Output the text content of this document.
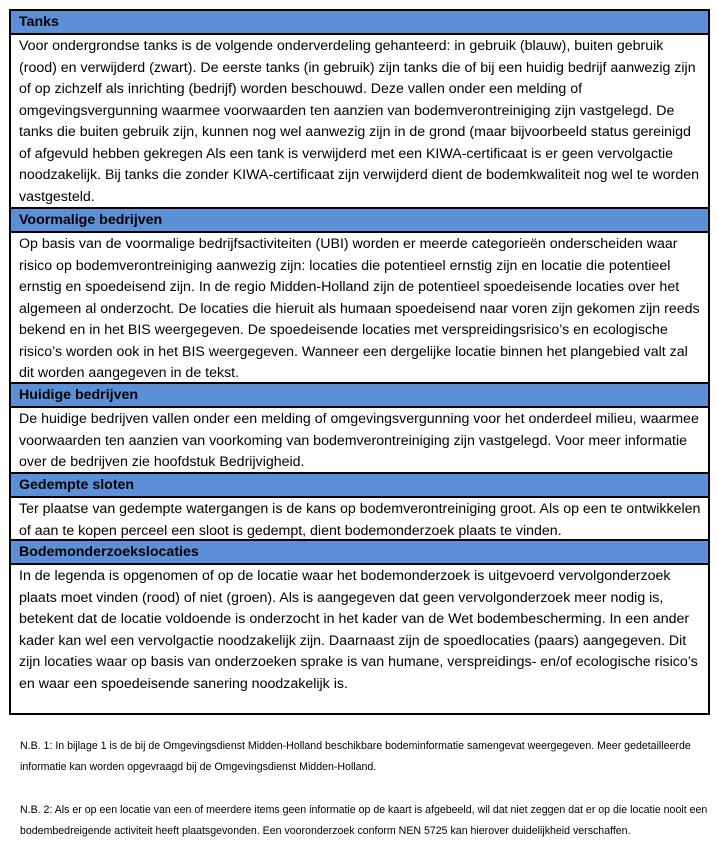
Tanks
Voor ondergrondse tanks is de volgende onderverdeling gehanteerd: in gebruik (blauw), buiten gebruik (rood) en verwijderd (zwart). De eerste tanks (in gebruik) zijn tanks die of bij een huidig bedrijf aanwezig zijn of op zichzelf als inrichting (bedrijf) worden beschouwd. Deze vallen onder een melding of omgevingsvergunning waarmee voorwaarden ten aanzien van bodemverontreiniging zijn vastgelegd. De tanks die buiten gebruik zijn, kunnen nog wel aanwezig zijn in de grond (maar bijvoorbeeld status gereinigd of afgevuld hebben gekregen Als een tank is verwijderd met een KIWA-certificaat is er geen vervolgactie noodzakelijk. Bij tanks die zonder KIWA-certificaat zijn verwijderd dient de bodemkwaliteit nog wel te worden vastgesteld.
Voormalige bedrijven
Op basis van de voormalige bedrijfsactiviteiten (UBI) worden er meerde categorieën onderscheiden waar risico op bodemverontreiniging aanwezig zijn: locaties die potentieel ernstig zijn en locatie die potentieel ernstig en spoedeisend zijn. In de regio Midden-Holland zijn de potentieel spoedeisende locaties over het algemeen al onderzocht. De locaties die hieruit als humaan spoedeisend naar voren zijn gekomen zijn reeds bekend en in het BIS weergegeven. De spoedeisende locaties met verspreidingsrisico’s en ecologische risico’s worden ook in het BIS weergegeven. Wanneer een dergelijke locatie binnen het plangebied valt zal dit worden aangegeven in de tekst.
Huidige bedrijven
De huidige bedrijven vallen onder een melding of omgevingsvergunning voor het onderdeel milieu, waarmee voorwaarden ten aanzien van voorkoming van bodemverontreiniging zijn vastgelegd. Voor meer informatie over de bedrijven zie hoofdstuk Bedrijvigheid.
Gedempte sloten
Ter plaatse van gedempte watergangen is de kans op bodemverontreiniging groot. Als op een te ontwikkelen of aan te kopen perceel een sloot is gedempt, dient bodemonderzoek plaats te vinden.
Bodemonderzoekslocaties
In de legenda is opgenomen of op de locatie waar het bodemonderzoek is uitgevoerd vervolgonderzoek plaats moet vinden (rood) of niet (groen). Als is aangegeven dat geen vervolgonderzoek meer nodig is, betekent dat de locatie voldoende is onderzocht in het kader van de Wet bodembescherming. In een ander kader kan wel een vervolgactie noodzakelijk zijn. Daarnaast zijn de spoedlocaties (paars) aangegeven. Dit zijn locaties waar op basis van onderzoeken sprake is van humane, verspreidings- en/of ecologische risico’s en waar een spoedeisende sanering noodzakelijk is.
N.B. 1: In bijlage 1 is de bij de Omgevingsdienst Midden-Holland beschikbare bodeminformatie samengevat weergegeven. Meer gedetailleerde informatie kan worden opgevraagd bij de Omgevingsdienst Midden-Holland.
N.B. 2: Als er op een locatie van een of meerdere items geen informatie op de kaart is afgebeeld, wil dat niet zeggen dat er op die locatie nooit een bodembedreigende activiteit heeft plaatsgevonden. Een vooronderzoek conform NEN 5725 kan hierover duidelijkheid verschaffen.
